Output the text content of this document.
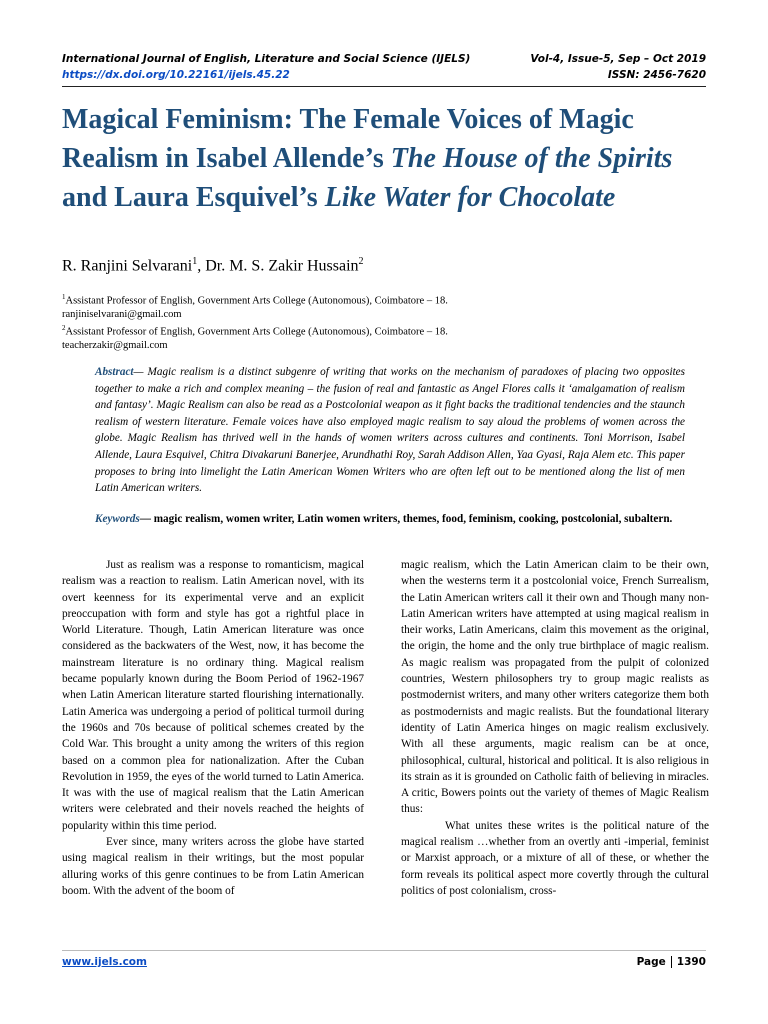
International Journal of English, Literature and Social Science (IJELS)
https://dx.doi.org/10.22161/ijels.45.22
Vol-4, Issue-5, Sep – Oct 2019
ISSN: 2456-7620
Magical Feminism: The Female Voices of Magic Realism in Isabel Allende’s The House of the Spirits and Laura Esquivel’s Like Water for Chocolate
R. Ranjini Selvarani$^1$, Dr. M. S. Zakir Hussain$^2$
$^1$Assistant Professor of English, Government Arts College (Autonomous), Coimbatore – 18.
ranjiniselvarani@gmail.com
$^2$Assistant Professor of English, Government Arts College (Autonomous), Coimbatore – 18.
teacherzakir@gmail.com
Abstract— Magic realism is a distinct subgenre of writing that works on the mechanism of paradoxes of placing two opposites together to make a rich and complex meaning – the fusion of real and fantastic as Angel Flores calls it ‘amalgamation of realism and fantasy’. Magic Realism can also be read as a Postcolonial weapon as it fight backs the traditional tendencies and the staunch realism of western literature. Female voices have also employed magic realism to say aloud the problems of women across the globe. Magic Realism has thrived well in the hands of women writers across cultures and continents. Toni Morrison, Isabel Allende, Laura Esquivel, Chitra Divakaruni Banerjee, Arundhathi Roy, Sarah Addison Allen, Yaa Gyasi, Raja Alem etc. This paper proposes to bring into limelight the Latin American Women Writers who are often left out to be mentioned along the list of men Latin American writers.
Keywords— magic realism, women writer, Latin women writers, themes, food, feminism, cooking, postcolonial, subaltern.

Just as realism was a response to romanticism, magical realism was a reaction to realism. Latin American novel, with its overt keenness for its experimental verve and an explicit preoccupation with form and style has got a rightful place in World Literature. Though, Latin American literature was once considered as the backwaters of the West, now, it has become the mainstream literature is no ordinary thing. Magical realism became popularly known during the Boom Period of 1962-1967 when Latin American literature started flourishing internationally. Latin America was undergoing a period of political turmoil during the 1960s and 70s because of political schemes created by the Cold War. This brought a unity among the writers of this region based on a common plea for nationalization. After the Cuban Revolution in 1959, the eyes of the world turned to Latin America. It was with the use of magical realism that the Latin American writers were celebrated and their novels reached the heights of popularity within this time period.

Ever since, many writers across the globe have started using magical realism in their writings, but the most popular alluring works of this genre continues to be from Latin American boom. With the advent of the boom of

magic realism, which the Latin American claim to be their own, when the westerns term it a postcolonial voice, French Surrealism, the Latin American writers call it their own and Though many non-Latin American writers have attempted at using magical realism in their works, Latin Americans, claim this movement as the original, the origin, the home and the only true birthplace of magic realism. As magic realism was propagated from the pulpit of colonized countries, Western philosophers try to group magic realists as postmodernist writers, and many other writers categorize them both as postmodernists and magic realists. But the foundational literary identity of Latin America hinges on magic realism exclusively. With all these arguments, magic realism can be at once, philosophical, cultural, historical and political. It is also religious in its strain as it is grounded on Catholic faith of believing in miracles. A critic, Bowers points out the variety of themes of Magic Realism thus:

What unites these writes is the political nature of the magical realism …whether from an overtly anti -imperial, feminist or Marxist approach, or a mixture of all of these, or whether the form reveals its political aspect more covertly through the cultural politics of post colonialism, cross-

www.ijels.com	Page 1390
